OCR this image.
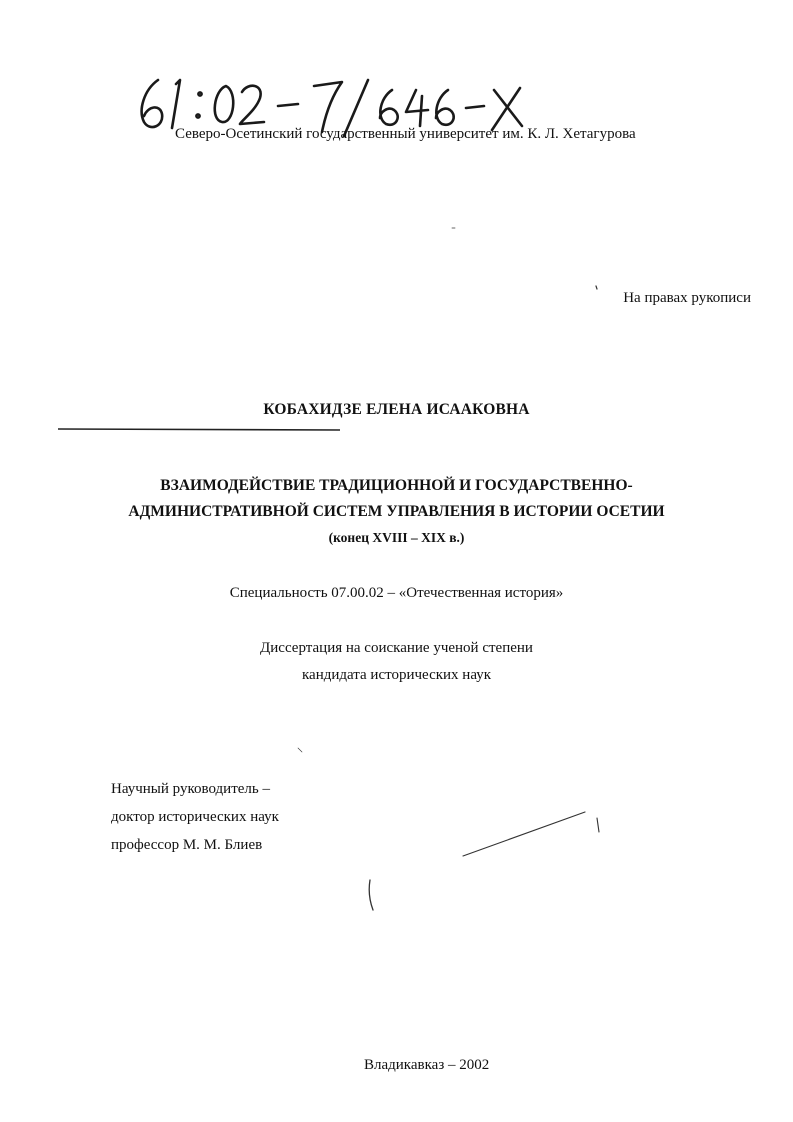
Северо-Осетинский государственный университет им. К. Л. Хетагурова
На правах рукописи
КОБАХИДЗЕ ЕЛЕНА ИСААКОВНА
ВЗАИМОДЕЙСТВИЕ ТРАДИЦИОННОЙ И ГОСУДАРСТВЕННО-
АДМИНИСТРАТИВНОЙ СИСТЕМ УПРАВЛЕНИЯ В ИСТОРИИ ОСЕТИИ
(конец XVIII – XIX в.)
Специальность 07.00.02 – «Отечественная история»
Диссертация на соискание ученой степени
кандидата исторических наук
Научный руководитель –
доктор исторических наук
профессор М. М. Блиев
Владикавказ – 2002
